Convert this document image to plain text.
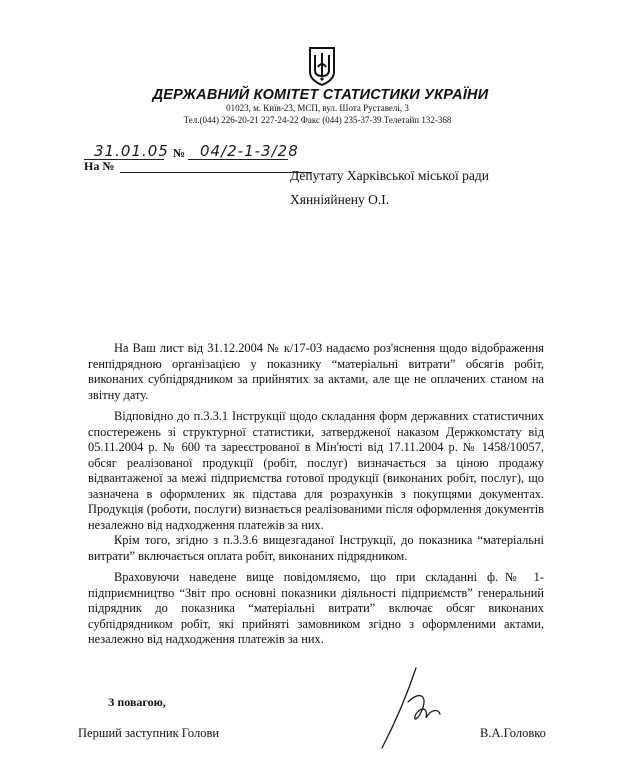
ДЕРЖАВНИЙ КОМІТЕТ СТАТИСТИКИ УКРАЇНИ
01023, м. Київ-23, МСП, вул. Шота Руставелі, 3
Тел.(044) 226-20-21 227-24-22 Факс (044) 235-37-39 Телетайп 132-368
31.01.05 № 04/2-1-3/28
На №
Депутату Харківської міської ради
Хянніяйнену О.І.

На Ваш лист від 31.12.2004 № к/17-03 надаємо роз'яснення щодо відображення генпідрядною організацією у показнику “матеріальні витрати” обсягів робіт, виконаних субпідрядником за прийнятих за актами, але ще не оплачених станом на звітну дату.

Відповідно до п.3.3.1 Інструкції щодо складання форм державних статистичних спостережень зі структурної статистики, затвердженої наказом Держкомстату від 05.11.2004 р. № 600 та зареєстрованої в Мін'юсті від 17.11.2004 р. № 1458/10057, обсяг реалізованої продукції (робіт, послуг) визначається за ціною продажу відвантаженої за межі підприємства готової продукції (виконаних робіт, послуг), що зазначена в оформлених як підстава для розрахунків з покупцями документах. Продукція (роботи, послуги) визнається реалізованими після оформлення документів незалежно від надходження платежів за них.

Крім того, згідно з п.3.3.6 вищезгаданої Інструкції, до показника “матеріальні витрати” включається оплата робіт, виконаних підрядником.

Враховуючи наведене вище повідомляємо, що при складанні ф.№ 1-підприємництво “Звіт про основні показники діяльності підприємств” генеральний підрядник до показника “матеріальні витрати” включає обсяг виконаних субпідрядником робіт, які прийняті замовником згідно з оформленими актами, незалежно від надходження платежів за них.

З повагою,
Перший заступник Голови	В.А.Головко
